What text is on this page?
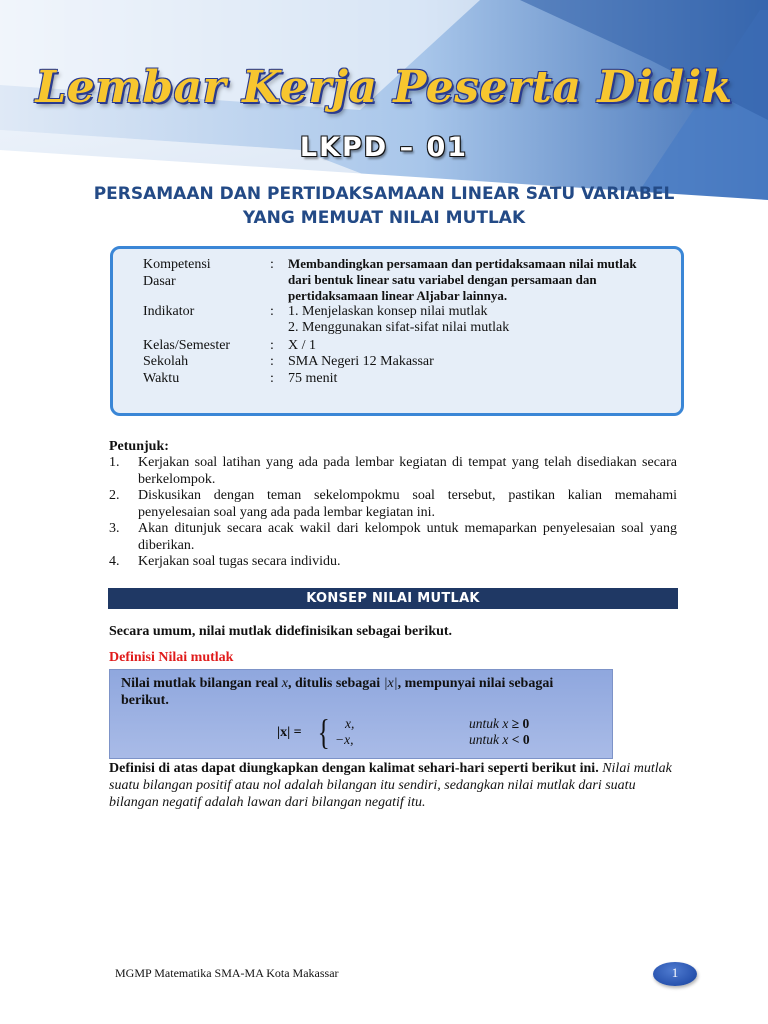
Lembar Kerja Peserta Didik
LKPD – 01
PERSAMAAN DAN PERTIDAKSAMAAN LINEAR SATU VARIABEL
YANG MEMUAT NILAI MUTLAK
Kompetensi
Dasar
:	Membandingkan persamaan dan pertidaksamaan nilai mutlak
dari bentuk linear satu variabel dengan persamaan dan
pertidaksamaan linear Aljabar lainnya.
Indikator	:	1. Menjelaskan konsep nilai mutlak
2. Menggunakan sifat-sifat nilai mutlak
Kelas/Semester	:	X / 1
Sekolah	:	SMA Negeri 12 Makassar
Waktu	:	75 menit
Petunjuk:
1. Kerjakan soal latihan yang ada pada lembar kegiatan di tempat yang telah disediakan secara berkelompok.
2. Diskusikan dengan teman sekelompokmu soal tersebut, pastikan kalian memahami penyelesaian soal yang ada pada lembar kegiatan ini.
3. Akan ditunjuk secara acak wakil dari kelompok untuk memaparkan penyelesaian soal yang diberikan.
4. Kerjakan soal tugas secara individu.
KONSEP NILAI MUTLAK
Secara umum, nilai mutlak didefinisikan sebagai berikut.
Definisi Nilai mutlak
Nilai mutlak bilangan real x, ditulis sebagai |x|, mempunyai nilai sebagai berikut.
|x| = { x,	untuk x ≥ 0
−x,	untuk x < 0
Definisi di atas dapat diungkapkan dengan kalimat sehari-hari seperti berikut ini. Nilai mutlak suatu bilangan positif atau nol adalah bilangan itu sendiri, sedangkan nilai mutlak dari suatu bilangan negatif adalah lawan dari bilangan negatif itu.
MGMP Matematika SMA-MA Kota Makassar	1
